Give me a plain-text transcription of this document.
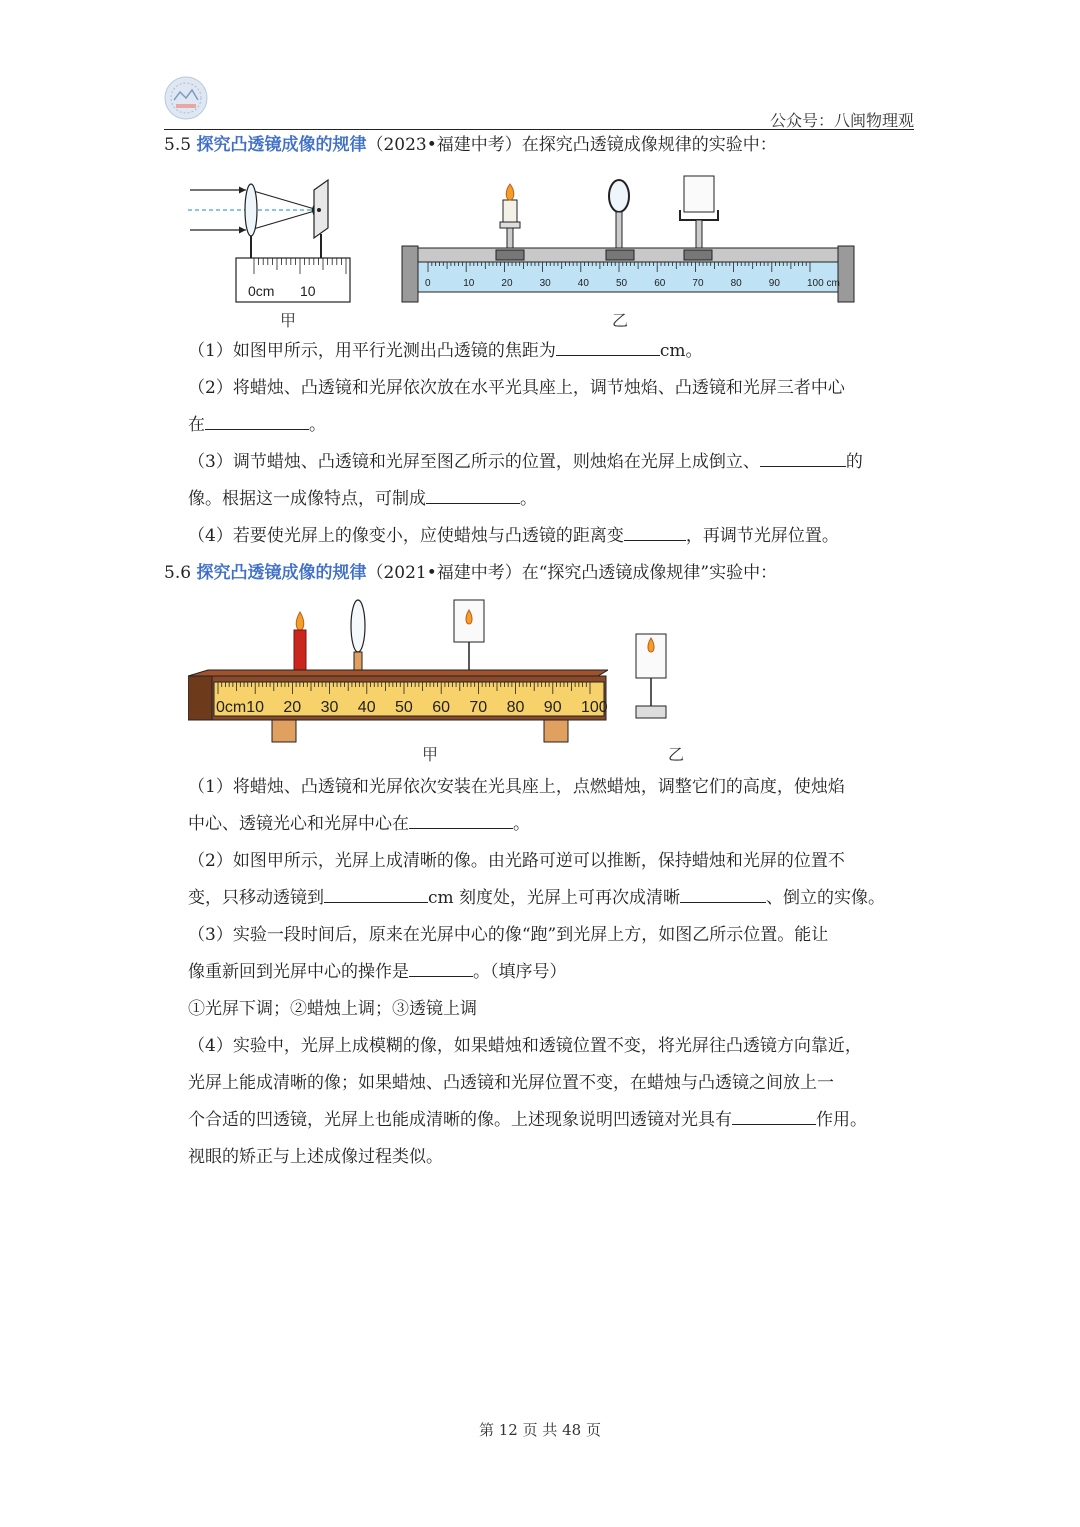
公众号：八闽物理观
5.5 探究凸透镜成像的规律（2023•福建中考）在探究凸透镜成像规律的实验中：
0cm 10
甲
0	10	20	30	40	50	60	70	80	90	100 cm
乙

（1）如图甲所示，用平行光测出凸透镜的焦距为	cm。

（2）将蜡烛、凸透镜和光屏依次放在水平光具座上，调节烛焰、凸透镜和光屏三者中心

在	。

（3）调节蜡烛、凸透镜和光屏至图乙所示的位置，则烛焰在光屏上成倒立、	的

像。根据这一成像特点，可制成	。

（4）若要使光屏上的像变小，应使蜡烛与凸透镜的距离变	，再调节光屏位置。

5.6 探究凸透镜成像的规律（2021•福建中考）在“探究凸透镜成像规律”实验中：
0cm 10 20 30 40 50 60 70 80 90 100
甲	乙

（1）将蜡烛、凸透镜和光屏依次安装在光具座上，点燃蜡烛，调整它们的高度，使烛焰

中心、透镜光心和光屏中心在	。

（2）如图甲所示，光屏上成清晰的像。由光路可逆可以推断，保持蜡烛和光屏的位置不

变，只移动透镜到	cm 刻度处，光屏上可再次成清晰	、倒立的实像。

（3）实验一段时间后，原来在光屏中心的像“跑”到光屏上方，如图乙所示位置。能让

像重新回到光屏中心的操作是	。（填序号）

①光屏下调；②蜡烛上调；③透镜上调

（4）实验中，光屏上成模糊的像，如果蜡烛和透镜位置不变，将光屏往凸透镜方向靠近，

光屏上能成清晰的像；如果蜡烛、凸透镜和光屏位置不变，在蜡烛与凸透镜之间放上一

个合适的凹透镜，光屏上也能成清晰的像。上述现象说明凹透镜对光具有	作用。

视眼的矫正与上述成像过程类似。

第 12 页 共 48 页
